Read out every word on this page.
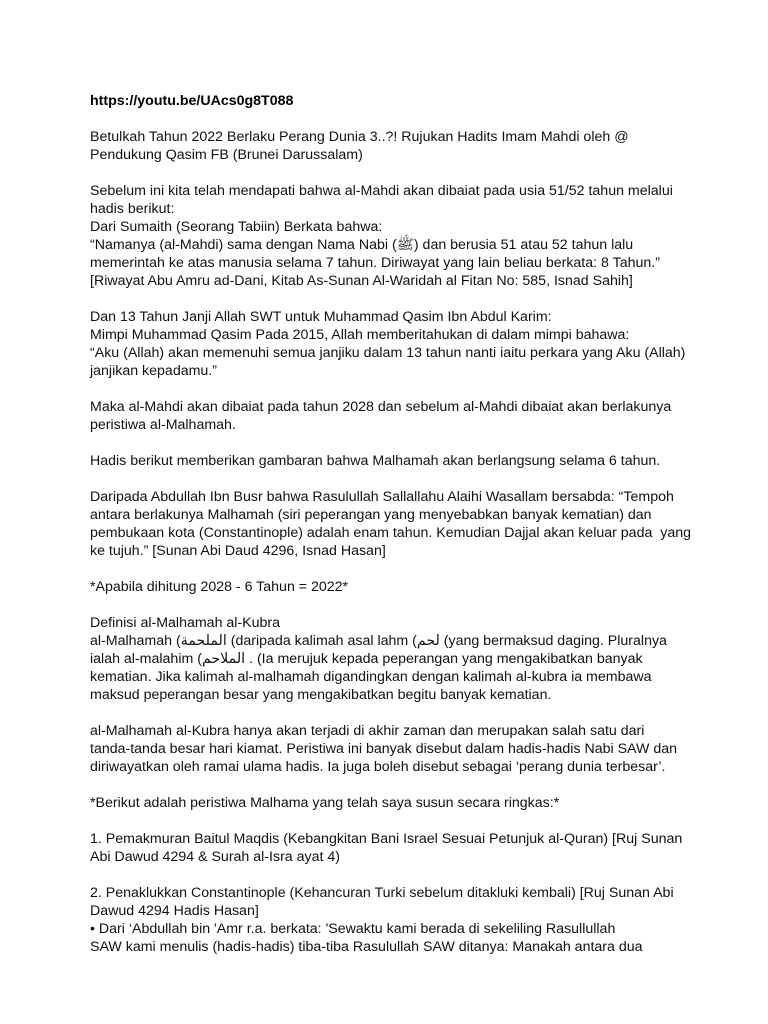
https://youtu.be/UAcs0g8T088
Betulkah Tahun 2022 Berlaku Perang Dunia 3..?! Rujukan Hadits Imam Mahdi oleh @
Pendukung Qasim FB (Brunei Darussalam)
Sebelum ini kita telah mendapati bahwa al-Mahdi akan dibaiat pada usia 51/52 tahun melalui
hadis berikut:
Dari Sumaith (Seorang Tabiin) Berkata bahwa:
“Namanya (al-Mahdi) sama dengan Nama Nabi (ﷺ) dan berusia 51 atau 52 tahun lalu
memerintah ke atas manusia selama 7 tahun. Diriwayat yang lain beliau berkata: 8 Tahun.”
[Riwayat Abu Amru ad-Dani, Kitab As-Sunan Al-Waridah al Fitan No: 585, Isnad Sahih]
Dan 13 Tahun Janji Allah SWT untuk Muhammad Qasim Ibn Abdul Karim:
Mimpi Muhammad Qasim Pada 2015, Allah memberitahukan di dalam mimpi bahawa:
“Aku (Allah) akan memenuhi semua janjiku dalam 13 tahun nanti iaitu perkara yang Aku (Allah)
janjikan kepadamu.”
Maka al-Mahdi akan dibaiat pada tahun 2028 dan sebelum al-Mahdi dibaiat akan berlakunya
peristiwa al-Malhamah.
Hadis berikut memberikan gambaran bahwa Malhamah akan berlangsung selama 6 tahun.
Daripada Abdullah Ibn Busr bahwa Rasulullah Sallallahu Alaihi Wasallam bersabda: “Tempoh
antara berlakunya Malhamah (siri peperangan yang menyebabkan banyak kematian) dan
pembukaan kota (Constantinople) adalah enam tahun. Kemudian Dajjal akan keluar pada  yang
ke tujuh.” [Sunan Abi Daud 4296, Isnad Hasan]
*Apabila dihitung 2028 - 6 Tahun = 2022*
Definisi al-Malhamah al-Kubra
al-Malhamah (الملحمة (daripada kalimah asal lahm (لحم (yang bermaksud daging. Pluralnya
ialah al-malahim (الملاحم . (Ia merujuk kepada peperangan yang mengakibatkan banyak
kematian. Jika kalimah al-malhamah digandingkan dengan kalimah al-kubra ia membawa
maksud peperangan besar yang mengakibatkan begitu banyak kematian.
al-Malhamah al-Kubra hanya akan terjadi di akhir zaman dan merupakan salah satu dari
tanda-tanda besar hari kiamat. Peristiwa ini banyak disebut dalam hadis-hadis Nabi SAW dan
diriwayatkan oleh ramai ulama hadis. Ia juga boleh disebut sebagai ‘perang dunia terbesar’.
*Berikut adalah peristiwa Malhama yang telah saya susun secara ringkas:*
1. Pemakmuran Baitul Maqdis (Kebangkitan Bani Israel Sesuai Petunjuk al-Quran) [Ruj Sunan
Abi Dawud 4294 & Surah al-Isra ayat 4)
2. Penaklukkan Constantinople (Kehancuran Turki sebelum ditakluki kembali) [Ruj Sunan Abi
Dawud 4294 Hadis Hasan]
• Dari ‘Abdullah bin 'Amr r.a. berkata: 'Sewaktu kami berada di sekeliling Rasullullah
SAW kami menulis (hadis-hadis) tiba-tiba Rasulullah SAW ditanya: Manakah antara dua
